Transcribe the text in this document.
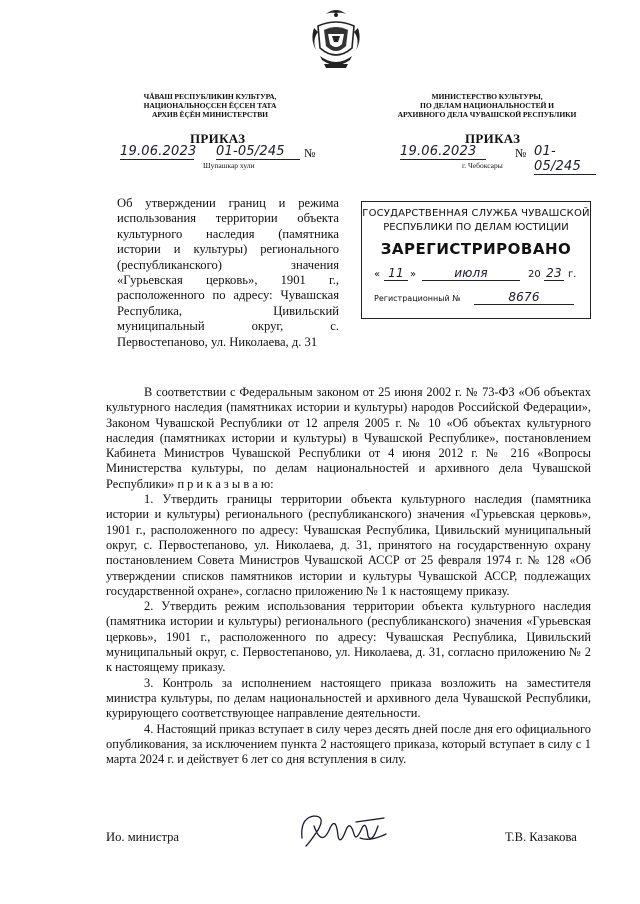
ЧĂВАШ РЕСПУБЛИКИН КУЛЬТУРА,
НАЦИОНАЛЬНОÇСЕН ĔÇСЕН ТАТА
АРХИВ ĔÇĔН МИНИСТЕРСТВИ
МИНИСТЕРСТВО КУЛЬТУРЫ,
ПО ДЕЛАМ НАЦИОНАЛЬНОСТЕЙ И
АРХИВНОГО ДЕЛА ЧУВАШСКОЙ РЕСПУБЛИКИ
ПРИКАЗ
19.06.2023 01-05/245	№
Шупашкар хули
ПРИКАЗ
19.06.2023	№ 01-05/245
г. Чебоксары
Об утверждении границ и режима использования территории объекта культурного наследия (памятника истории и культуры) регионального (республиканского) значения «Гурьевская церковь», 1901 г., расположенного по адресу: Чувашская Республика, Цивильский муниципальный округ, с. Первостепаново, ул. Николаева, д. 31
ГОСУДАРСТВЕННАЯ СЛУЖБА ЧУВАШСКОЙ
РЕСПУБЛИКИ ПО ДЕЛАМ ЮСТИЦИИ
ЗАРЕГИСТРИРОВАНО
« 11 »	июля	20 23 г.
Регистрационный №	8676

В соответствии с Федеральным законом от 25 июня 2002 г. № 73-ФЗ «Об объектах культурного наследия (памятниках истории и культуры) народов Российской Федерации», Законом Чувашской Республики от 12 апреля 2005 г. № 10 «Об объектах культурного наследия (памятниках истории и культуры) в Чувашской Республике», постановлением Кабинета Министров Чувашской Республики от 4 июня 2012 г. № 216 «Вопросы Министерства культуры, по делам национальностей и архивного дела Чувашской Республики» п р и к а з ы в а ю:

1. Утвердить границы территории объекта культурного наследия (памятника истории и культуры) регионального (республиканского) значения «Гурьевская церковь», 1901 г., расположенного по адресу: Чувашская Республика, Цивильский муниципальный округ, с. Первостепаново, ул. Николаева, д. 31, принятого на государственную охрану постановлением Совета Министров Чувашской АССР от 25 февраля 1974 г. № 128 «Об утверждении списков памятников истории и культуры Чувашской АССР, подлежащих государственной охране», согласно приложению № 1 к настоящему приказу.

2. Утвердить режим использования территории объекта культурного наследия (памятника истории и культуры) регионального (республиканского) значения «Гурьевская церковь», 1901 г., расположенного по адресу: Чувашская Республика, Цивильский муниципальный округ, с. Первостепаново, ул. Николаева, д. 31, согласно приложению № 2 к настоящему приказу.

3. Контроль за исполнением настоящего приказа возложить на заместителя министра культуры, по делам национальностей и архивного дела Чувашской Республики, курирующего соответствующее направление деятельности.

4. Настоящий приказ вступает в силу через десять дней после дня его официального опубликования, за исключением пункта 2 настоящего приказа, который вступает в силу с 1 марта 2024 г. и действует 6 лет со дня вступления в силу.

Ио. министра	Т.В. Казакова
